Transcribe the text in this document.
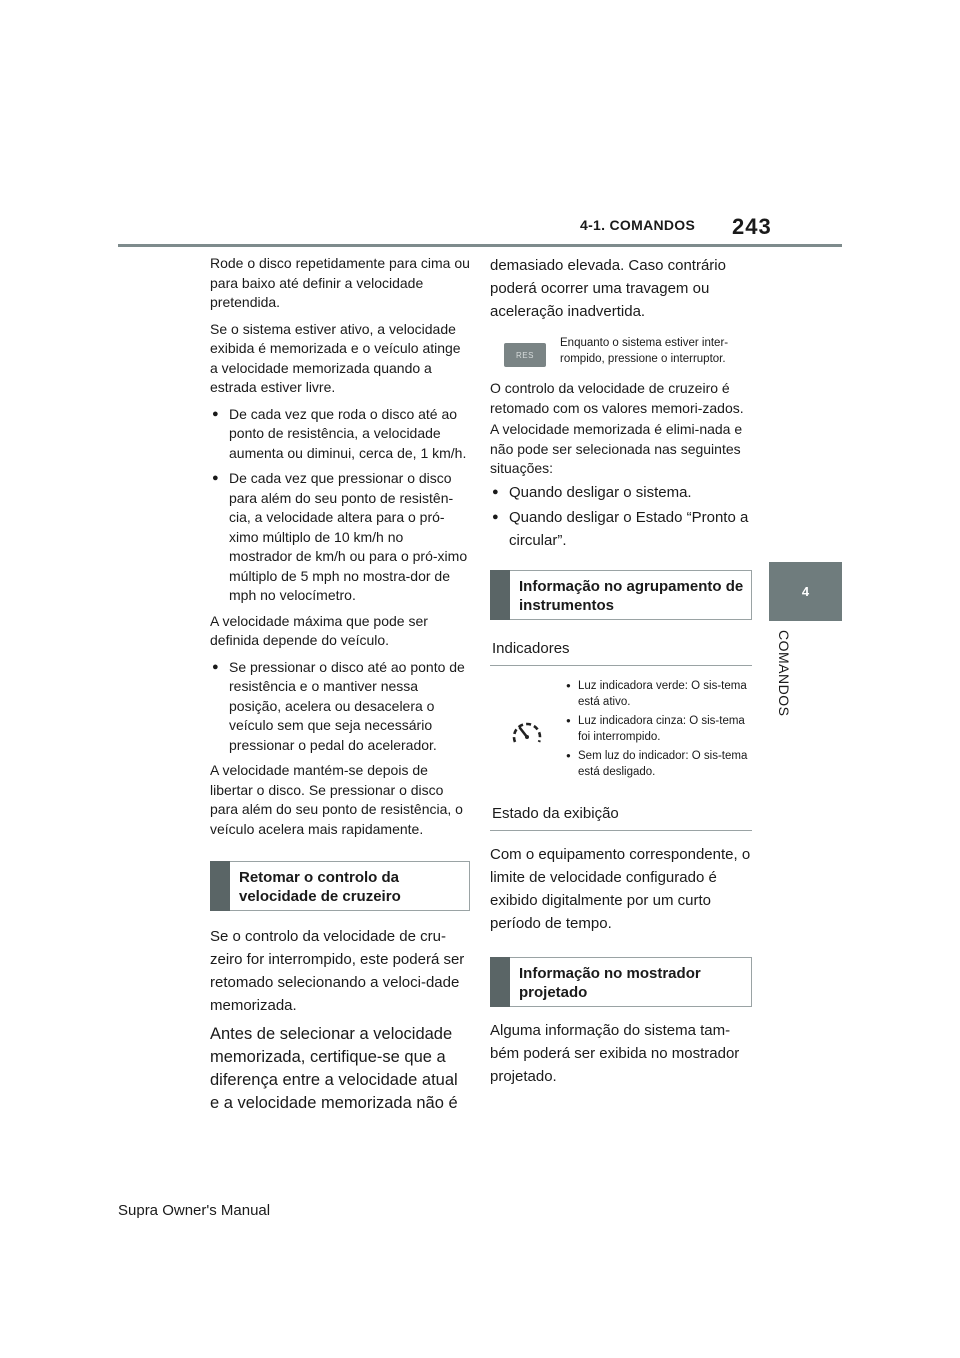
4-1. COMANDOS 243
4
COMANDOS

Rode o disco repetidamente para cima ou para baixo até definir a velocidade pretendida.

Se o sistema estiver ativo, a velocidade exibida é memorizada e o veículo atinge a velocidade memorizada quando a estrada estiver livre.

● De cada vez que roda o disco até ao ponto de resistência, a velocidade aumenta ou diminui, cerca de, 1 km/h.
● De cada vez que pressionar o disco para além do seu ponto de resistên-cia, a velocidade altera para o pró-ximo múltiplo de 10 km/h no mostrador de km/h ou para o pró-ximo múltiplo de 5 mph no mostra-dor de mph no velocímetro.

A velocidade máxima que pode ser definida depende do veículo.

● Se pressionar o disco até ao ponto de resistência e o mantiver nessa posição, acelera ou desacelera o veículo sem que seja necessário pressionar o pedal do acelerador.

A velocidade mantém-se depois de libertar o disco. Se pressionar o disco para além do seu ponto de resistência, o veículo acelera mais rapidamente.

Retomar o controlo da velocidade de cruzeiro

Se o controlo da velocidade de cru-zeiro for interrompido, este poderá ser retomado selecionando a veloci-dade memorizada.

Antes de selecionar a velocidade memorizada, certifique-se que a diferença entre a velocidade atual e a velocidade memorizada não é

demasiado elevada. Caso contrário poderá ocorrer uma travagem ou aceleração inadvertida.

RES
Enquanto o sistema estiver inter-rompido, pressione o interruptor.

O controlo da velocidade de cruzeiro é retomado com os valores memori-zados.

A velocidade memorizada é elimi-nada e não pode ser selecionada nas seguintes situações:

● Quando desligar o sistema.
● Quando desligar o Estado “Pronto a circular”.
Informação no agrupamento de instrumentos
Indicadores
● Luz indicadora verde: O sis-tema está ativo.
● Luz indicadora cinza: O sis-tema foi interrompido.
● Sem luz do indicador: O sis-tema está desligado.
Estado da exibição

Com o equipamento correspondente, o limite de velocidade configurado é exibido digitalmente por um curto período de tempo.

Informação no mostrador projetado

Alguma informação do sistema tam-bém poderá ser exibida no mostrador projetado.

Supra Owner's Manual
